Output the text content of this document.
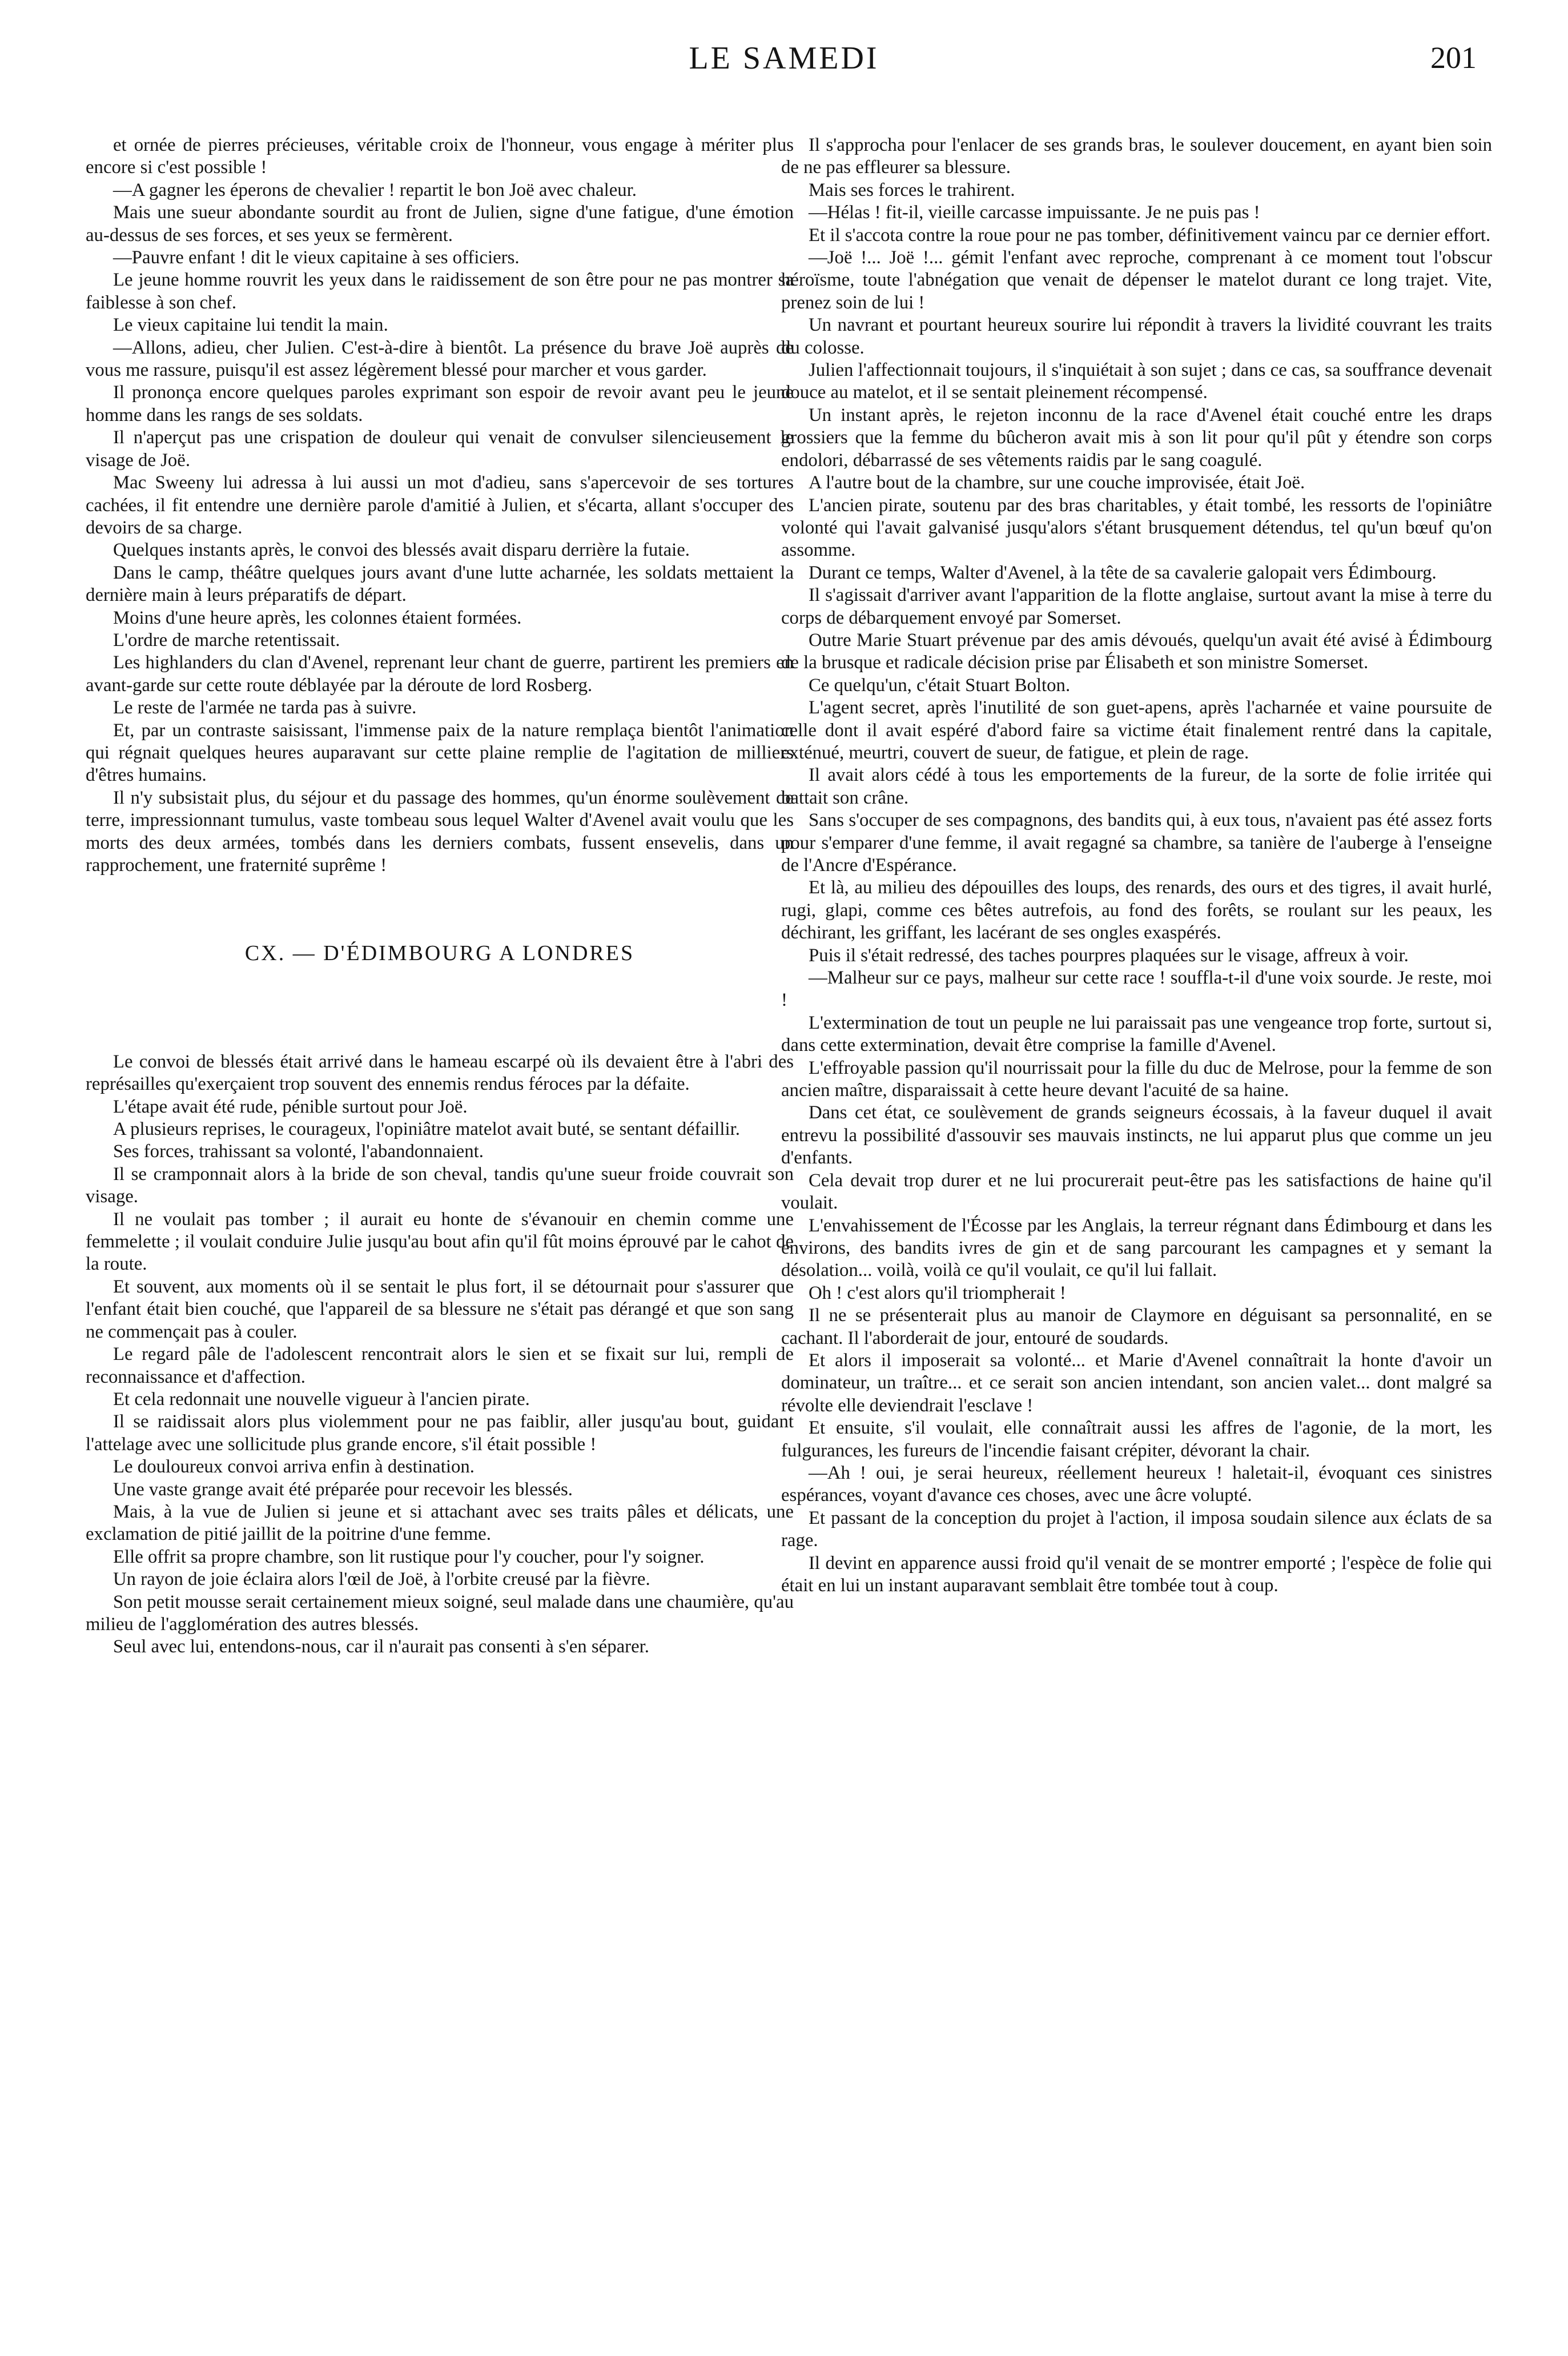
LE SAMEDI	201

et ornée de pierres précieuses, véritable croix de l'honneur, vous engage à mériter plus encore si c'est possible !

—A gagner les éperons de chevalier ! repartit le bon Joë avec chaleur.

Mais une sueur abondante sourdit au front de Julien, signe d'une fatigue, d'une émotion au-dessus de ses forces, et ses yeux se fermèrent.

—Pauvre enfant ! dit le vieux capitaine à ses officiers.

Le jeune homme rouvrit les yeux dans le raidissement de son être pour ne pas montrer sa faiblesse à son chef.

Le vieux capitaine lui tendit la main.

—Allons, adieu, cher Julien. C'est-à-dire à bientôt. La présence du brave Joë auprès de vous me rassure, puisqu'il est assez légèrement blessé pour marcher et vous garder.

Il prononça encore quelques paroles exprimant son espoir de revoir avant peu le jeune homme dans les rangs de ses soldats.

Il n'aperçut pas une crispation de douleur qui venait de convulser silencieusement le visage de Joë.

Mac Sweeny lui adressa à lui aussi un mot d'adieu, sans s'apercevoir de ses tortures cachées, il fit entendre une dernière parole d'amitié à Julien, et s'écarta, allant s'occuper des devoirs de sa charge.

Quelques instants après, le convoi des blessés avait disparu derrière la futaie.

Dans le camp, théâtre quelques jours avant d'une lutte acharnée, les soldats mettaient la dernière main à leurs préparatifs de départ.

Moins d'une heure après, les colonnes étaient formées.

L'ordre de marche retentissait.

Les highlanders du clan d'Avenel, reprenant leur chant de guerre, partirent les premiers en avant-garde sur cette route déblayée par la déroute de lord Rosberg.

Le reste de l'armée ne tarda pas à suivre.

Et, par un contraste saisissant, l'immense paix de la nature remplaça bientôt l'animation qui régnait quelques heures auparavant sur cette plaine remplie de l'agitation de milliers d'êtres humains.

Il n'y subsistait plus, du séjour et du passage des hommes, qu'un énorme soulèvement de terre, impressionnant tumulus, vaste tombeau sous lequel Walter d'Avenel avait voulu que les morts des deux armées, tombés dans les derniers combats, fussent ensevelis, dans un rapprochement, une fraternité suprême !

CX. — D'ÉDIMBOURG A LONDRES

Le convoi de blessés était arrivé dans le hameau escarpé où ils devaient être à l'abri des représailles qu'exerçaient trop souvent des ennemis rendus féroces par la défaite.

L'étape avait été rude, pénible surtout pour Joë.

A plusieurs reprises, le courageux, l'opiniâtre matelot avait buté, se sentant défaillir.

Ses forces, trahissant sa volonté, l'abandonnaient.

Il se cramponnait alors à la bride de son cheval, tandis qu'une sueur froide couvrait son visage.

Il ne voulait pas tomber ; il aurait eu honte de s'évanouir en chemin comme une femmelette ; il voulait conduire Julie jusqu'au bout afin qu'il fût moins éprouvé par le cahot de la route.

Et souvent, aux moments où il se sentait le plus fort, il se détournait pour s'assurer que l'enfant était bien couché, que l'appareil de sa blessure ne s'était pas dérangé et que son sang ne commençait pas à couler.

Le regard pâle de l'adolescent rencontrait alors le sien et se fixait sur lui, rempli de reconnaissance et d'affection.

Et cela redonnait une nouvelle vigueur à l'ancien pirate.

Il se raidissait alors plus violemment pour ne pas faiblir, aller jusqu'au bout, guidant l'attelage avec une sollicitude plus grande encore, s'il était possible !

Le douloureux convoi arriva enfin à destination.

Une vaste grange avait été préparée pour recevoir les blessés.

Mais, à la vue de Julien si jeune et si attachant avec ses traits pâles et délicats, une exclamation de pitié jaillit de la poitrine d'une femme.

Elle offrit sa propre chambre, son lit rustique pour l'y coucher, pour l'y soigner.

Un rayon de joie éclaira alors l'œil de Joë, à l'orbite creusé par la fièvre.

Son petit mousse serait certainement mieux soigné, seul malade dans une chaumière, qu'au milieu de l'agglomération des autres blessés.

Seul avec lui, entendons-nous, car il n'aurait pas consenti à s'en séparer.

Il s'approcha pour l'enlacer de ses grands bras, le soulever doucement, en ayant bien soin de ne pas effleurer sa blessure.

Mais ses forces le trahirent.

—Hélas ! fit-il, vieille carcasse impuissante. Je ne puis pas !

Et il s'accota contre la roue pour ne pas tomber, définitivement vaincu par ce dernier effort.

—Joë !... Joë !... gémit l'enfant avec reproche, comprenant à ce moment tout l'obscur héroïsme, toute l'abnégation que venait de dépenser le matelot durant ce long trajet. Vite, prenez soin de lui !

Un navrant et pourtant heureux sourire lui répondit à travers la lividité couvrant les traits du colosse.

Julien l'affectionnait toujours, il s'inquiétait à son sujet ; dans ce cas, sa souffrance devenait douce au matelot, et il se sentait pleinement récompensé.

Un instant après, le rejeton inconnu de la race d'Avenel était couché entre les draps grossiers que la femme du bûcheron avait mis à son lit pour qu'il pût y étendre son corps endolori, débarrassé de ses vêtements raidis par le sang coagulé.

A l'autre bout de la chambre, sur une couche improvisée, était Joë.

L'ancien pirate, soutenu par des bras charitables, y était tombé, les ressorts de l'opiniâtre volonté qui l'avait galvanisé jusqu'alors s'étant brusquement détendus, tel qu'un bœuf qu'on assomme.

Durant ce temps, Walter d'Avenel, à la tête de sa cavalerie galopait vers Édimbourg.

Il s'agissait d'arriver avant l'apparition de la flotte anglaise, surtout avant la mise à terre du corps de débarquement envoyé par Somerset.

Outre Marie Stuart prévenue par des amis dévoués, quelqu'un avait été avisé à Édimbourg de la brusque et radicale décision prise par Élisabeth et son ministre Somerset.

Ce quelqu'un, c'était Stuart Bolton.

L'agent secret, après l'inutilité de son guet-apens, après l'acharnée et vaine poursuite de celle dont il avait espéré d'abord faire sa victime était finalement rentré dans la capitale, exténué, meurtri, couvert de sueur, de fatigue, et plein de rage.

Il avait alors cédé à tous les emportements de la fureur, de la sorte de folie irritée qui battait son crâne.

Sans s'occuper de ses compagnons, des bandits qui, à eux tous, n'avaient pas été assez forts pour s'emparer d'une femme, il avait regagné sa chambre, sa tanière de l'auberge à l'enseigne de l'Ancre d'Espérance.

Et là, au milieu des dépouilles des loups, des renards, des ours et des tigres, il avait hurlé, rugi, glapi, comme ces bêtes autrefois, au fond des forêts, se roulant sur les peaux, les déchirant, les griffant, les lacérant de ses ongles exaspérés.

Puis il s'était redressé, des taches pourpres plaquées sur le visage, affreux à voir.

—Malheur sur ce pays, malheur sur cette race ! souffla-t-il d'une voix sourde. Je reste, moi !

L'extermination de tout un peuple ne lui paraissait pas une vengeance trop forte, surtout si, dans cette extermination, devait être comprise la famille d'Avenel.

L'effroyable passion qu'il nourrissait pour la fille du duc de Melrose, pour la femme de son ancien maître, disparaissait à cette heure devant l'acuité de sa haine.

Dans cet état, ce soulèvement de grands seigneurs écossais, à la faveur duquel il avait entrevu la possibilité d'assouvir ses mauvais instincts, ne lui apparut plus que comme un jeu d'enfants.

Cela devait trop durer et ne lui procurerait peut-être pas les satisfactions de haine qu'il voulait.

L'envahissement de l'Écosse par les Anglais, la terreur régnant dans Édimbourg et dans les environs, des bandits ivres de gin et de sang parcourant les campagnes et y semant la désolation... voilà, voilà ce qu'il voulait, ce qu'il lui fallait.

Oh ! c'est alors qu'il triompherait !

Il ne se présenterait plus au manoir de Claymore en déguisant sa personnalité, en se cachant. Il l'aborderait de jour, entouré de soudards.

Et alors il imposerait sa volonté... et Marie d'Avenel connaîtrait la honte d'avoir un dominateur, un traître... et ce serait son ancien intendant, son ancien valet... dont malgré sa révolte elle deviendrait l'esclave !

Et ensuite, s'il voulait, elle connaîtrait aussi les affres de l'agonie, de la mort, les fulgurances, les fureurs de l'incendie faisant crépiter, dévorant la chair.

—Ah ! oui, je serai heureux, réellement heureux ! haletait-il, évoquant ces sinistres espérances, voyant d'avance ces choses, avec une âcre volupté.

Et passant de la conception du projet à l'action, il imposa soudain silence aux éclats de sa rage.

Il devint en apparence aussi froid qu'il venait de se montrer emporté ; l'espèce de folie qui était en lui un instant auparavant semblait être tombée tout à coup.
